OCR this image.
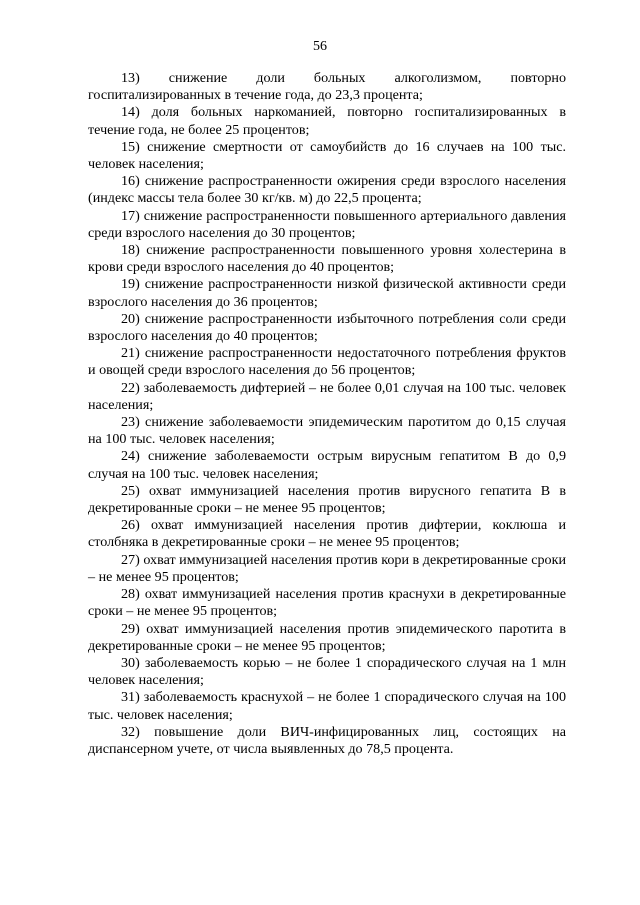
56

13) снижение доли больных алкоголизмом, повторно госпитализированных в течение года, до 23,3 процента;

14) доля больных наркоманией, повторно госпитализированных в течение года, не более 25 процентов;

15) снижение смертности от самоубийств до 16 случаев на 100 тыс. человек населения;

16) снижение распространенности ожирения среди взрослого населения (индекс массы тела более 30 кг/кв. м) до 22,5 процента;

17) снижение распространенности повышенного артериального давления среди взрослого населения до 30 процентов;

18) снижение распространенности повышенного уровня холестерина в крови среди взрослого населения до 40 процентов;

19) снижение распространенности низкой физической активности среди взрослого населения до 36 процентов;

20) снижение распространенности избыточного потребления соли среди взрослого населения до 40 процентов;

21) снижение распространенности недостаточного потребления фруктов и овощей среди взрослого населения до 56 процентов;

22) заболеваемость дифтерией – не более 0,01 случая на 100 тыс. человек населения;

23) снижение заболеваемости эпидемическим паротитом до 0,15 случая на 100 тыс. человек населения;

24) снижение заболеваемости острым вирусным гепатитом В до 0,9 случая на 100 тыс. человек населения;

25) охват иммунизацией населения против вирусного гепатита В в декретированные сроки – не менее 95 процентов;

26) охват иммунизацией населения против дифтерии, коклюша и столбняка в декретированные сроки – не менее 95 процентов;

27) охват иммунизацией населения против кори в декретированные сроки – не менее 95 процентов;

28) охват иммунизацией населения против краснухи в декретированные сроки – не менее 95 процентов;

29) охват иммунизацией населения против эпидемического паротита в декретированные сроки – не менее 95 процентов;

30) заболеваемость корью – не более 1 спорадического случая на 1 млн человек населения;

31) заболеваемость краснухой – не более 1 спорадического случая на 100 тыс. человек населения;

32) повышение доли ВИЧ-инфицированных лиц, состоящих на диспансерном учете, от числа выявленных до 78,5 процента.
